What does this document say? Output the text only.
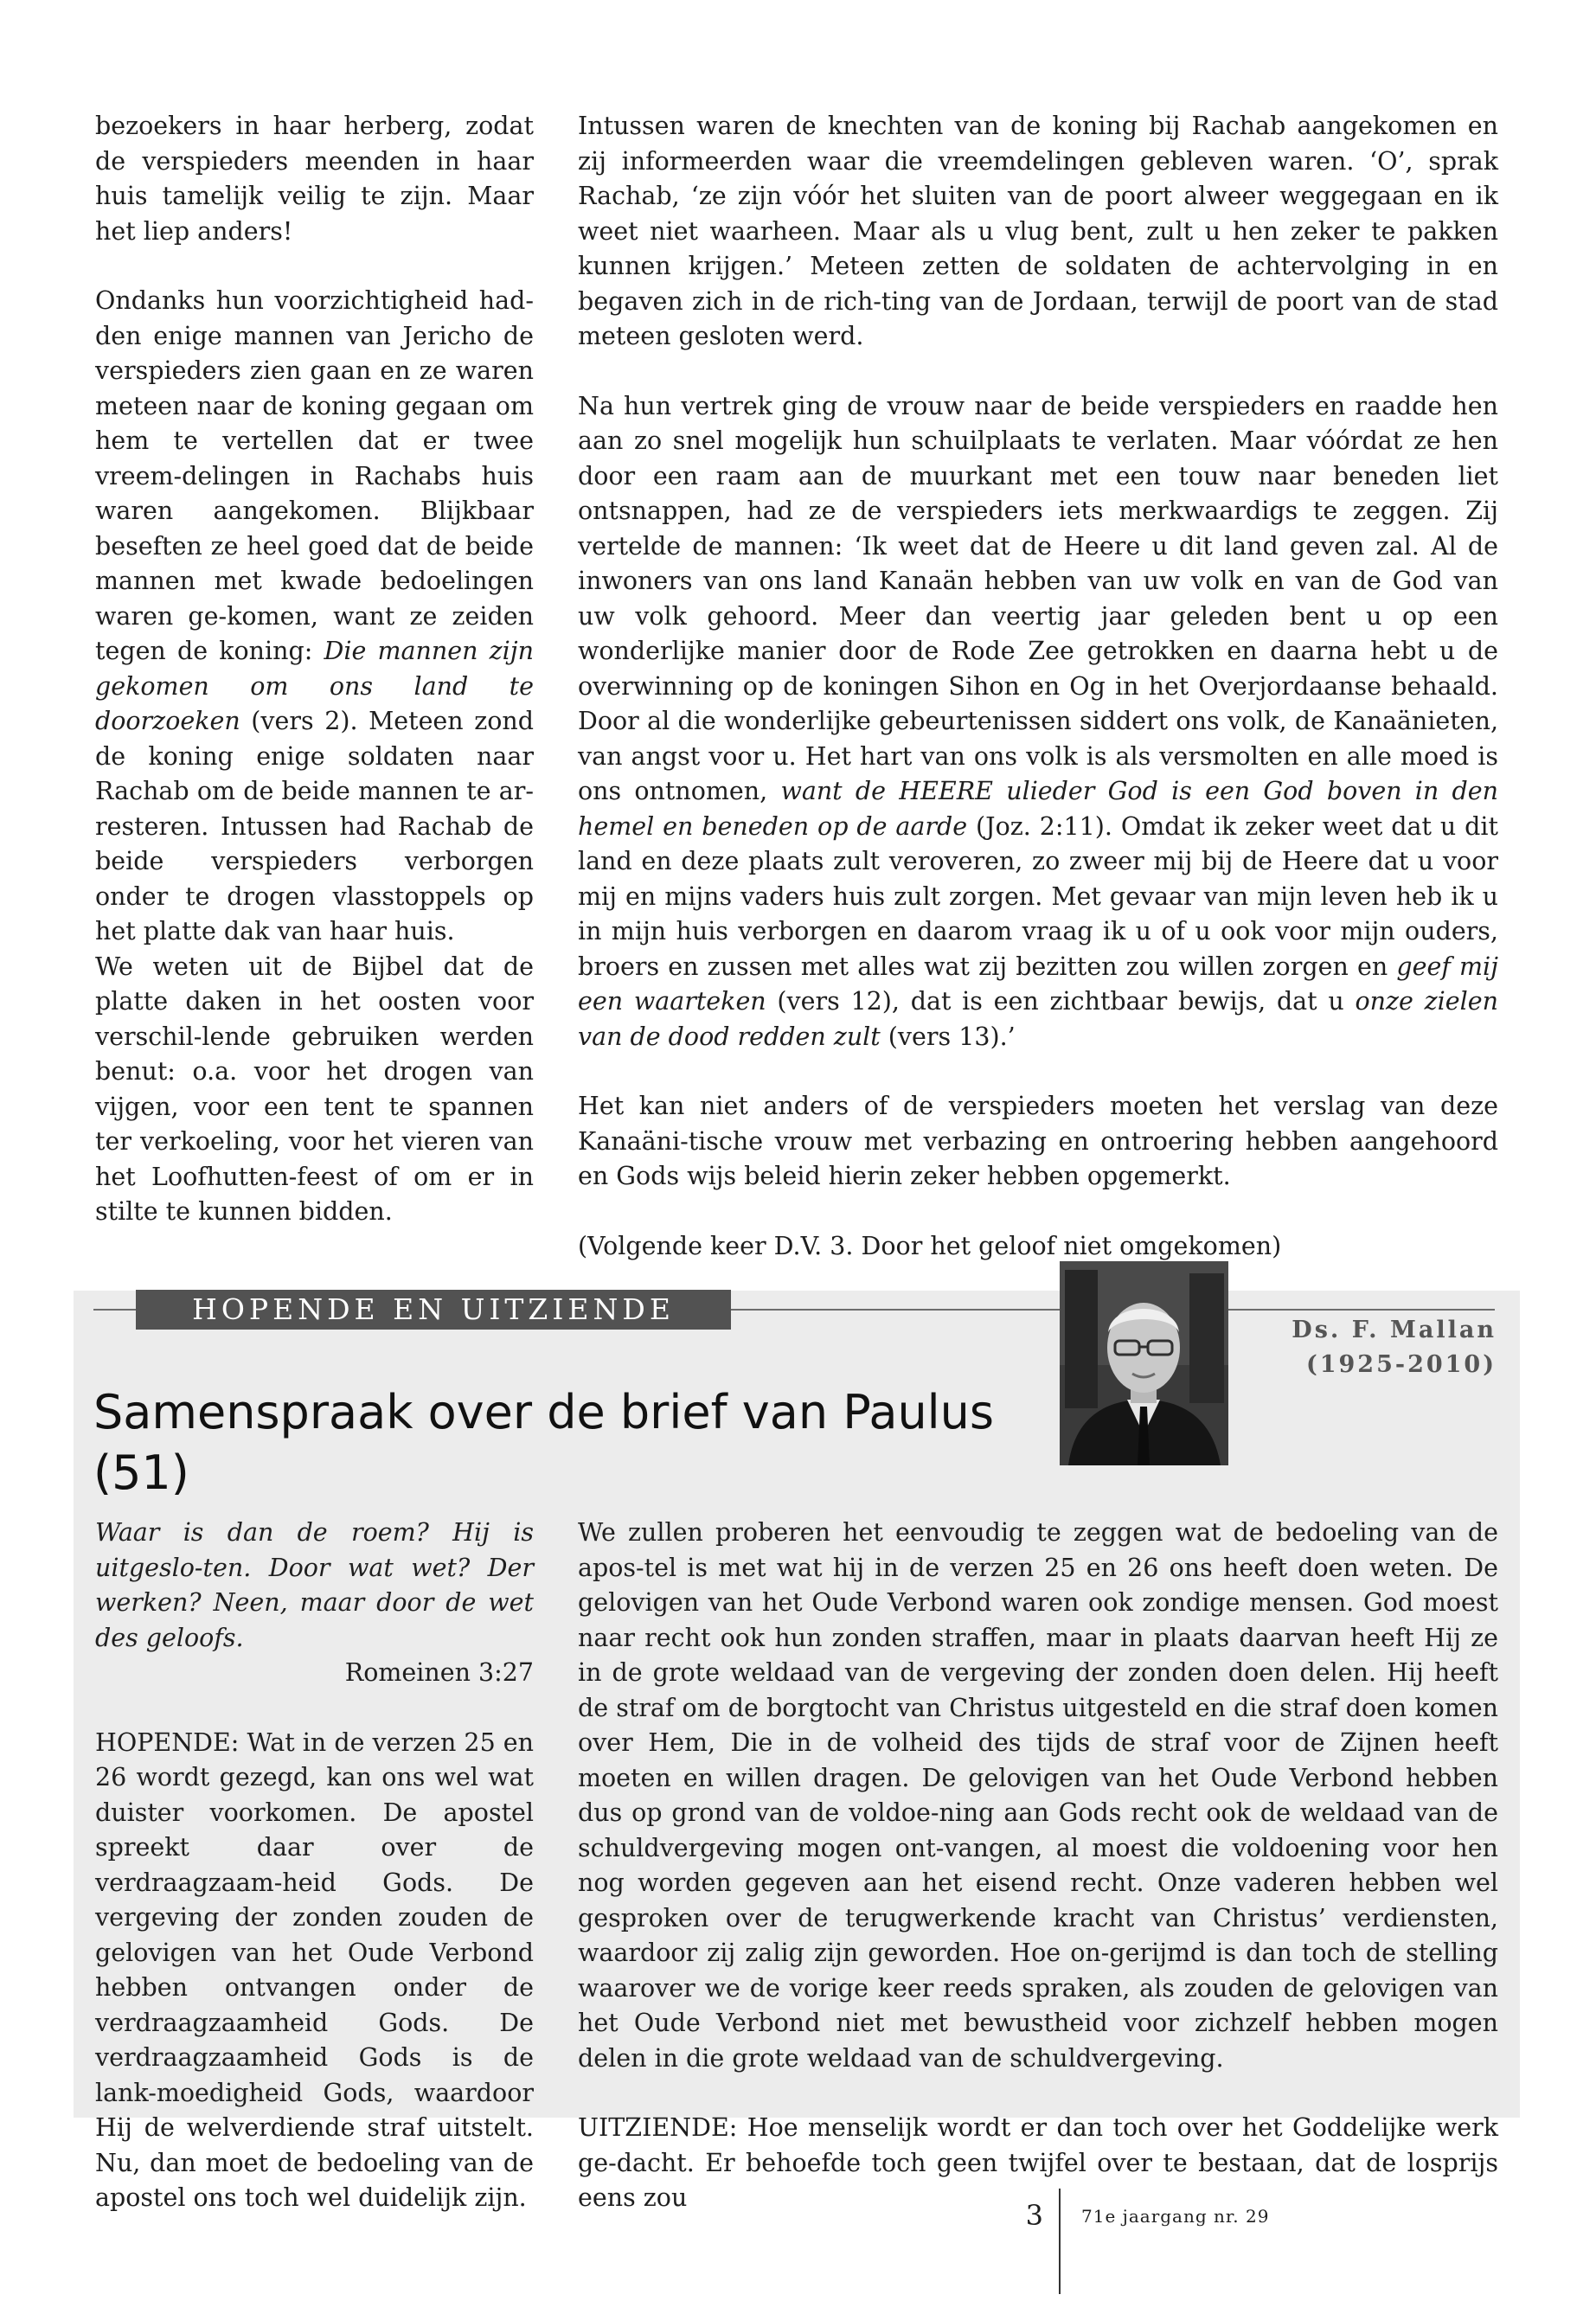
bezoekers in haar herberg, zodat de verspieders meenden in haar huis tamelijk veilig te zijn. Maar het liep anders!

Ondanks hun voorzichtigheid had-den enige mannen van Jericho de verspieders zien gaan en ze waren meteen naar de koning gegaan om hem te vertellen dat er twee vreem-delingen in Rachabs huis waren aangekomen. Blijkbaar beseften ze heel goed dat de beide mannen met kwade bedoelingen waren ge-komen, want ze zeiden tegen de koning: Die mannen zijn gekomen om ons land te doorzoeken (vers 2). Meteen zond de koning enige soldaten naar Rachab om de beide mannen te ar-resteren. Intussen had Rachab de beide verspieders verborgen onder te drogen vlasstoppels op het platte dak van haar huis.

We weten uit de Bijbel dat de platte daken in het oosten voor verschil-lende gebruiken werden benut: o.a. voor het drogen van vijgen, voor een tent te spannen ter verkoeling, voor het vieren van het Loofhutten-feest of om er in stilte te kunnen bidden.

Intussen waren de knechten van de koning bij Rachab aangekomen en zij informeerden waar die vreemdelingen gebleven waren. ‘O’, sprak Rachab, ‘ze zijn vóór het sluiten van de poort alweer weggegaan en ik weet niet waarheen. Maar als u vlug bent, zult u hen zeker te pakken kunnen krijgen.’ Meteen zetten de soldaten de achtervolging in en begaven zich in de rich-ting van de Jordaan, terwijl de poort van de stad meteen gesloten werd.

Na hun vertrek ging de vrouw naar de beide verspieders en raadde hen aan zo snel mogelijk hun schuilplaats te verlaten. Maar vóórdat ze hen door een raam aan de muurkant met een touw naar beneden liet ontsnappen, had ze de verspieders iets merkwaardigs te zeggen. Zij vertelde de mannen: ‘Ik weet dat de Heere u dit land geven zal. Al de inwoners van ons land Kanaän hebben van uw volk en van de God van uw volk gehoord. Meer dan veertig jaar geleden bent u op een wonderlijke manier door de Rode Zee getrokken en daarna hebt u de overwinning op de koningen Sihon en Og in het Overjordaanse behaald. Door al die wonderlijke gebeurtenissen siddert ons volk, de Kanaänieten, van angst voor u. Het hart van ons volk is als versmolten en alle moed is ons ontnomen, want de HEERE ulieder God is een God boven in den hemel en beneden op de aarde (Joz. 2:11). Omdat ik zeker weet dat u dit land en deze plaats zult veroveren, zo zweer mij bij de Heere dat u voor mij en mijns vaders huis zult zorgen. Met gevaar van mijn leven heb ik u in mijn huis verborgen en daarom vraag ik u of u ook voor mijn ouders, broers en zussen met alles wat zij bezitten zou willen zorgen en geef mij een waarteken (vers 12), dat is een zichtbaar bewijs, dat u onze zielen van de dood redden zult (vers 13).’

Het kan niet anders of de verspieders moeten het verslag van deze Kanaäni-tische vrouw met verbazing en ontroering hebben aangehoord en Gods wijs beleid hierin zeker hebben opgemerkt.

(Volgende keer D.V. 3. Door het geloof niet omgekomen)

HOPENDE EN UITZIENDE
Ds. F. Mallan
(1925-2010)
Samenspraak over de brief van Paulus (51)

Waar is dan de roem? Hij is uitgeslo-ten. Door wat wet? Der werken? Neen, maar door de wet des geloofs.

Romeinen 3:27

HOPENDE: Wat in de verzen 25 en 26 wordt gezegd, kan ons wel wat duister voorkomen. De apostel spreekt daar over de verdraagzaam-heid Gods. De vergeving der zonden zouden de gelovigen van het Oude Verbond hebben ontvangen onder de verdraagzaamheid Gods. De verdraagzaamheid Gods is de lank-moedigheid Gods, waardoor Hij de welverdiende straf uitstelt. Nu, dan moet de bedoeling van de apostel ons toch wel duidelijk zijn.

We zullen proberen het eenvoudig te zeggen wat de bedoeling van de apos-tel is met wat hij in de verzen 25 en 26 ons heeft doen weten. De gelovigen van het Oude Verbond waren ook zondige mensen. God moest naar recht ook hun zonden straffen, maar in plaats daarvan heeft Hij ze in de grote weldaad van de vergeving der zonden doen delen. Hij heeft de straf om de borgtocht van Christus uitgesteld en die straf doen komen over Hem, Die in de volheid des tijds de straf voor de Zijnen heeft moeten en willen dragen. De gelovigen van het Oude Verbond hebben dus op grond van de voldoe-ning aan Gods recht ook de weldaad van de schuldvergeving mogen ont-vangen, al moest die voldoening voor hen nog worden gegeven aan het eisend recht. Onze vaderen hebben wel gesproken over de terugwerkende kracht van Christus’ verdiensten, waardoor zij zalig zijn geworden. Hoe on-gerijmd is dan toch de stelling waarover we de vorige keer reeds spraken, als zouden de gelovigen van het Oude Verbond niet met bewustheid voor zichzelf hebben mogen delen in die grote weldaad van de schuldvergeving.

UITZIENDE: Hoe menselijk wordt er dan toch over het Goddelijke werk ge-dacht. Er behoefde toch geen twijfel over te bestaan, dat de losprijs eens zou

3 71e jaargang nr. 29
